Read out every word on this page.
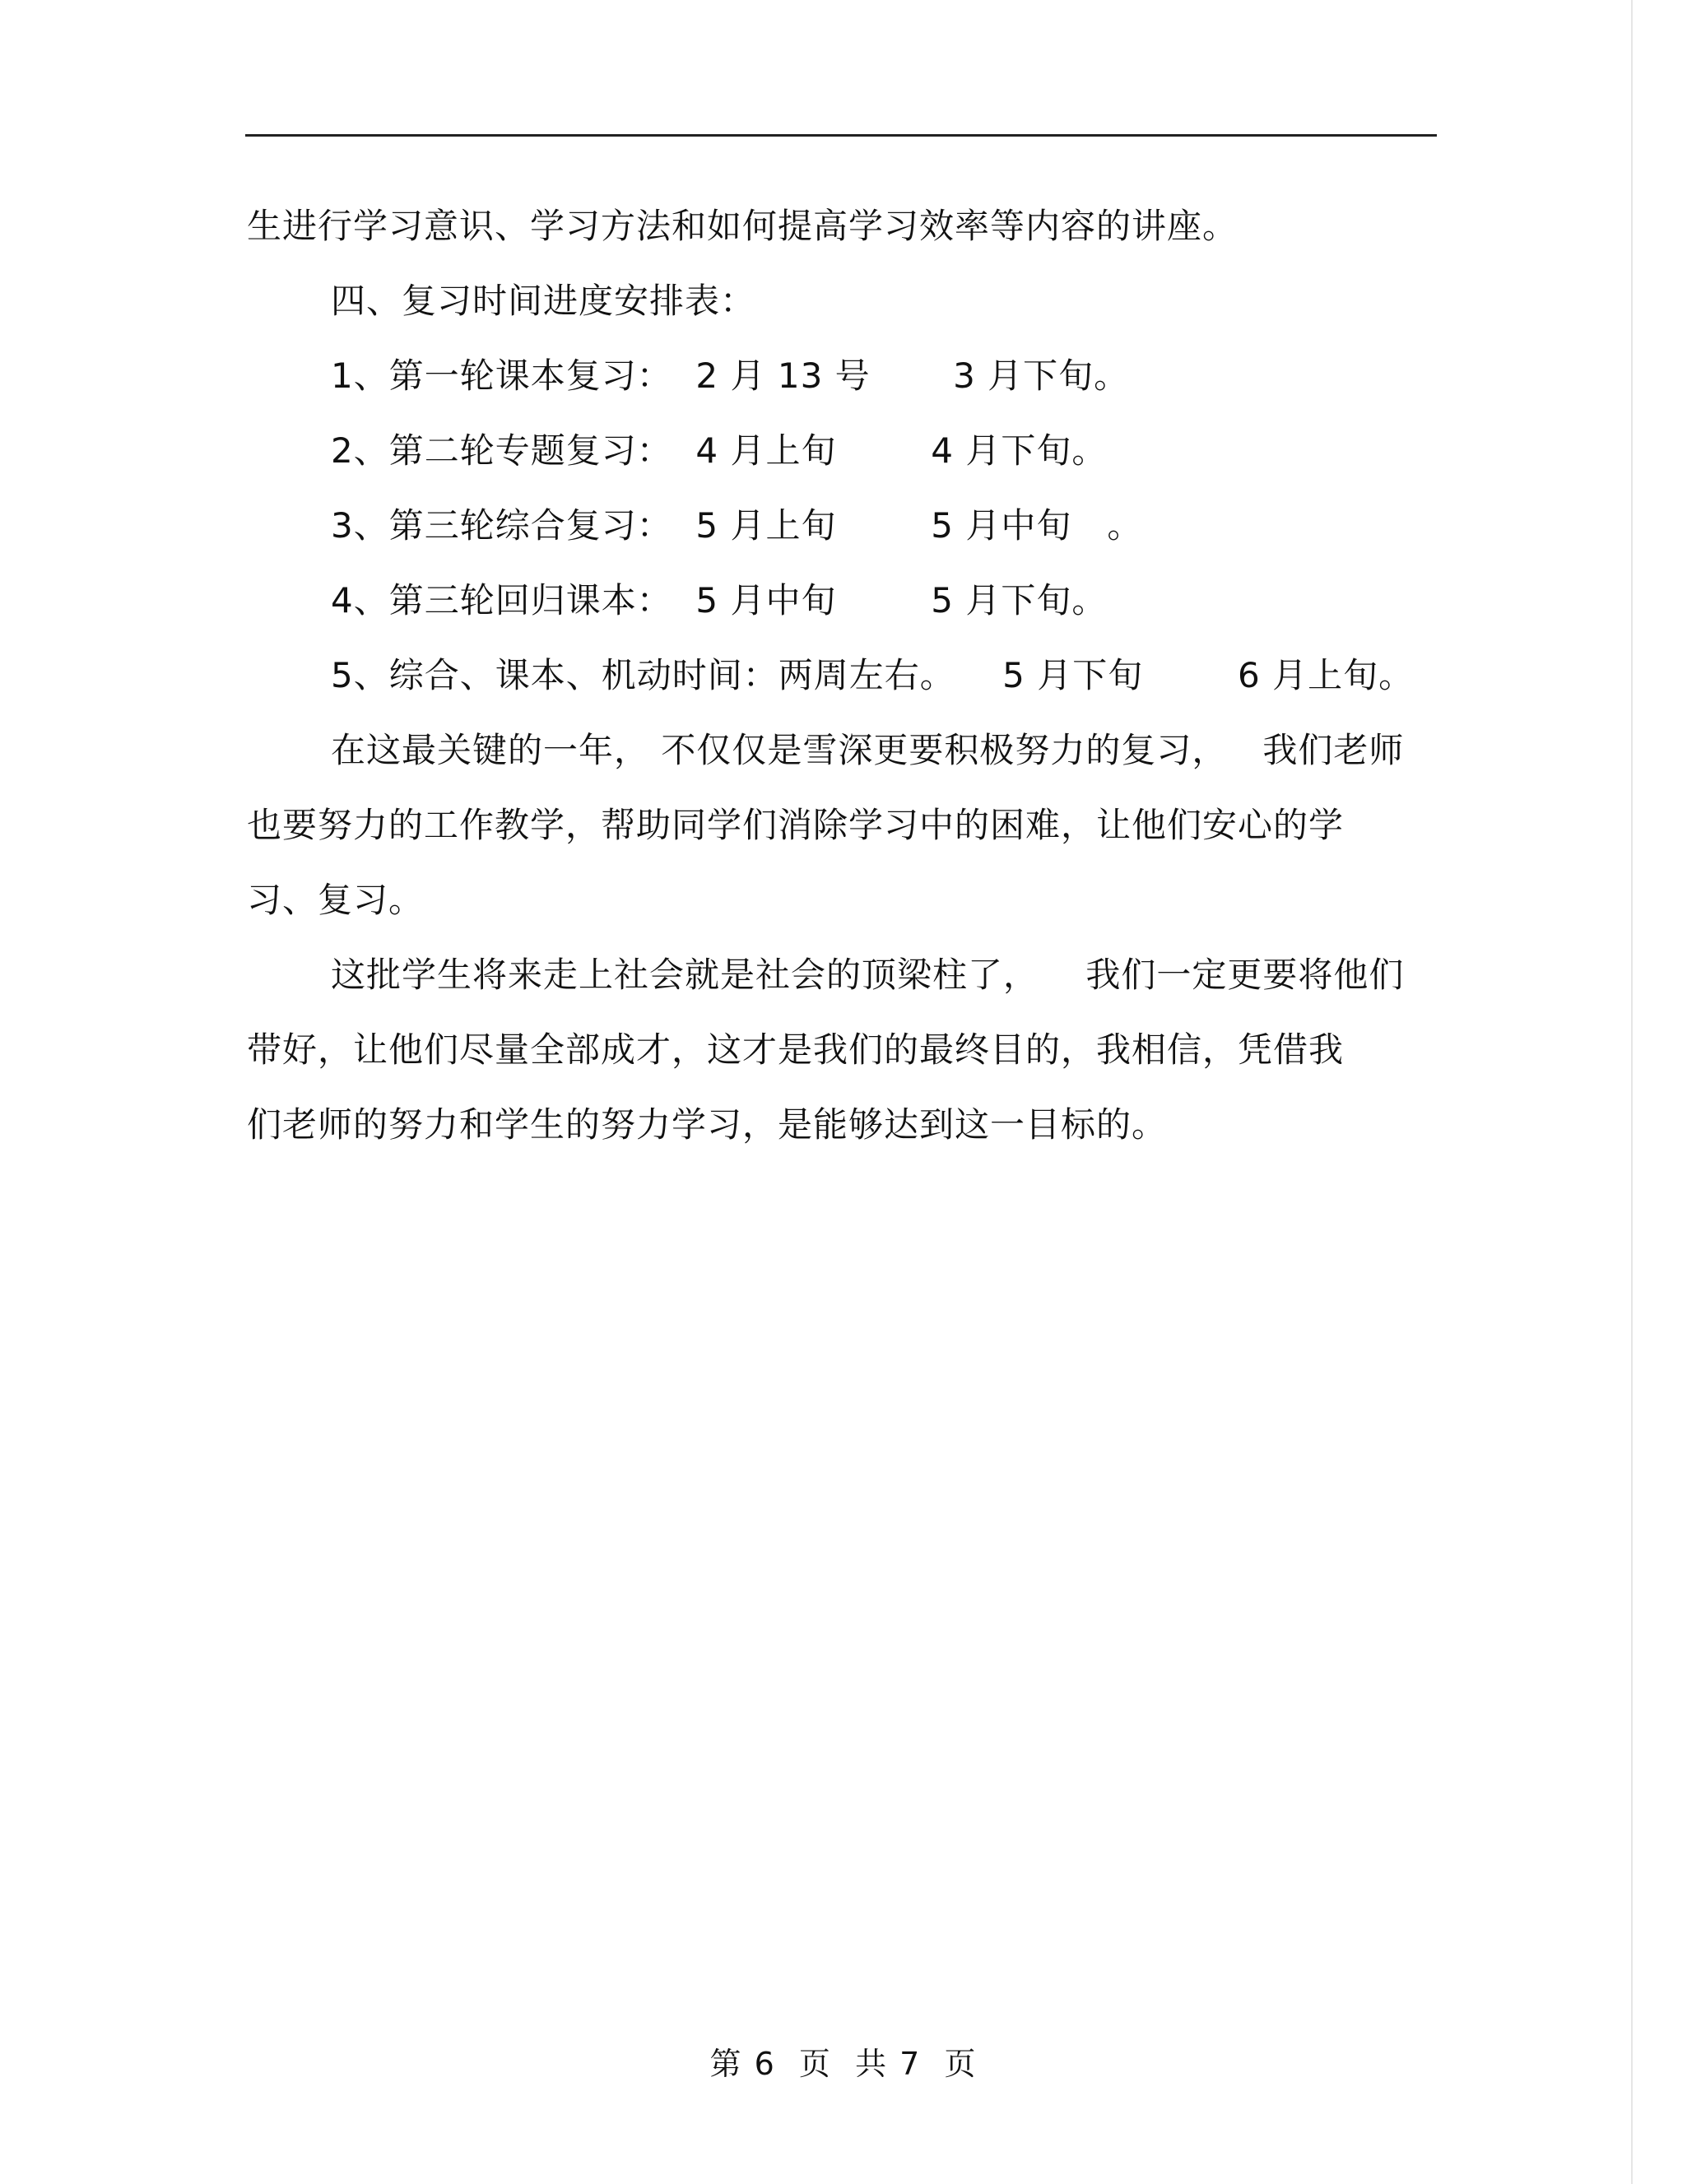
生进行学习意识、学习方法和如何提高学习效率等内容的讲座。
四、复习时间进度安排表：
1、第一轮课本复习：  2 月 13 号       3 月下旬。
2、第二轮专题复习：  4 月上旬        4 月下旬。
3、第三轮综合复习：  5 月上旬        5 月中旬   。
4、第三轮回归课本：  5 月中旬        5 月下旬。
5、综合、课本、机动时间：两周左右。    5 月下旬        6 月上旬。
在这最关键的一年， 不仅仅是雪深更要积极努力的复习，   我们老师
也要努力的工作教学，帮助同学们消除学习中的困难，让他们安心的学
习、复习。
这批学生将来走上社会就是社会的顶梁柱了，    我们一定更要将他们
带好，让他们尽量全部成才，这才是我们的最终目的，我相信，凭借我
们老师的努力和学生的努力学习，是能够达到这一目标的。
第 6  页  共 7  页
